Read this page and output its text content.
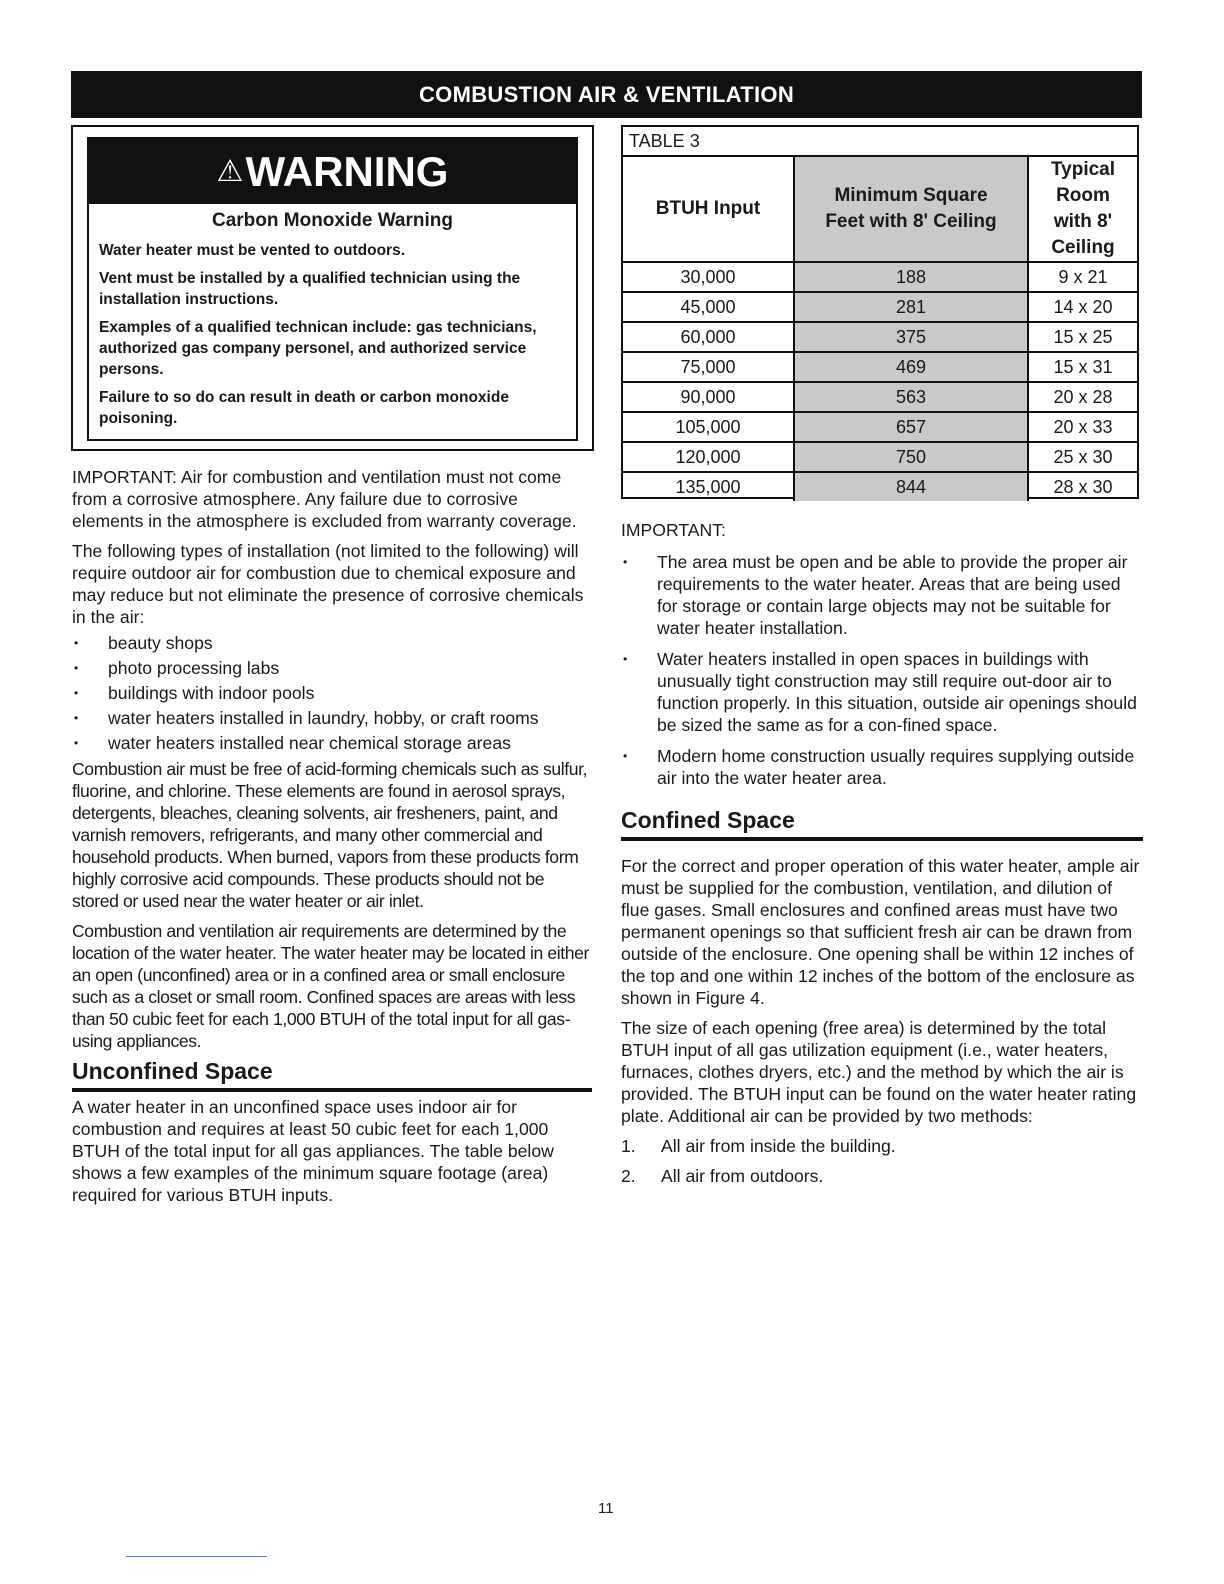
COMBUSTION AIR & VENTILATION
⚠ WARNING
Carbon Monoxide Warning

Water heater must be vented to outdoors.

Vent must be installed by a qualified technician using the installation instructions.

Examples of a qualified technican include: gas technicians, authorized gas company personel, and authorized service persons.

Failure to so do can result in death or carbon monoxide poisoning.

IMPORTANT: Air for combustion and ventilation must not come from a corrosive atmosphere. Any failure due to corrosive elements in the atmosphere is excluded from warranty coverage.

The following types of installation (not limited to the following) will require outdoor air for combustion due to chemical exposure and may reduce but not eliminate the presence of corrosive chemicals in the air:

• beauty shops
• photo processing labs
• buildings with indoor pools
• water heaters installed in laundry, hobby, or craft rooms
• water heaters installed near chemical storage areas

Combustion air must be free of acid-forming chemicals such as sulfur, fluorine, and chlorine. These elements are found in aerosol sprays, detergents, bleaches, cleaning solvents, air fresheners, paint, and varnish removers, refrigerants, and many other commercial and household products. When burned, vapors from these products form highly corrosive acid compounds. These products should not be stored or used near the water heater or air inlet.

Combustion and ventilation air requirements are determined by the location of the water heater. The water heater may be located in either an open (unconfined) area or in a confined area or small enclosure such as a closet or small room. Confined spaces are areas with less than 50 cubic feet for each 1,000 BTUH of the total input for all gas-using appliances.

Unconfined Space

A water heater in an unconfined space uses indoor air for combustion and requires at least 50 cubic feet for each 1,000 BTUH of the total input for all gas appliances. The table below shows a few examples of the minimum square footage (area) required for various BTUH inputs.

TABLE 3
BTUH Input	Minimum Square Feet with 8' Ceiling	Typical Room with 8' Ceiling
30,000	188	9 x 21
45,000	281	14 x 20
60,000	375	15 x 25
75,000	469	15 x 31
90,000	563	20 x 28
105,000	657	20 x 33
120,000	750	25 x 30
135,000	844	28 x 30

IMPORTANT:

• The area must be open and be able to provide the proper air requirements to the water heater. Areas that are being used for storage or contain large objects may not be suitable for water heater installation.
• Water heaters installed in open spaces in buildings with unusually tight construction may still require out-door air to function properly. In this situation, outside air openings should be sized the same as for a con-fined space.
• Modern home construction usually requires supplying outside air into the water heater area.
Confined Space

For the correct and proper operation of this water heater, ample air must be supplied for the combustion, ventilation, and dilution of flue gases. Small enclosures and confined areas must have two permanent openings so that sufficient fresh air can be drawn from outside of the enclosure. One opening shall be within 12 inches of the top and one within 12 inches of the bottom of the enclosure as shown in Figure 4.

The size of each opening (free area) is determined by the total BTUH input of all gas utilization equipment (i.e., water heaters, furnaces, clothes dryers, etc.) and the method by which the air is provided. The BTUH input can be found on the water heater rating plate. Additional air can be provided by two methods:

1. All air from inside the building.
2. All air from outdoors.
11
